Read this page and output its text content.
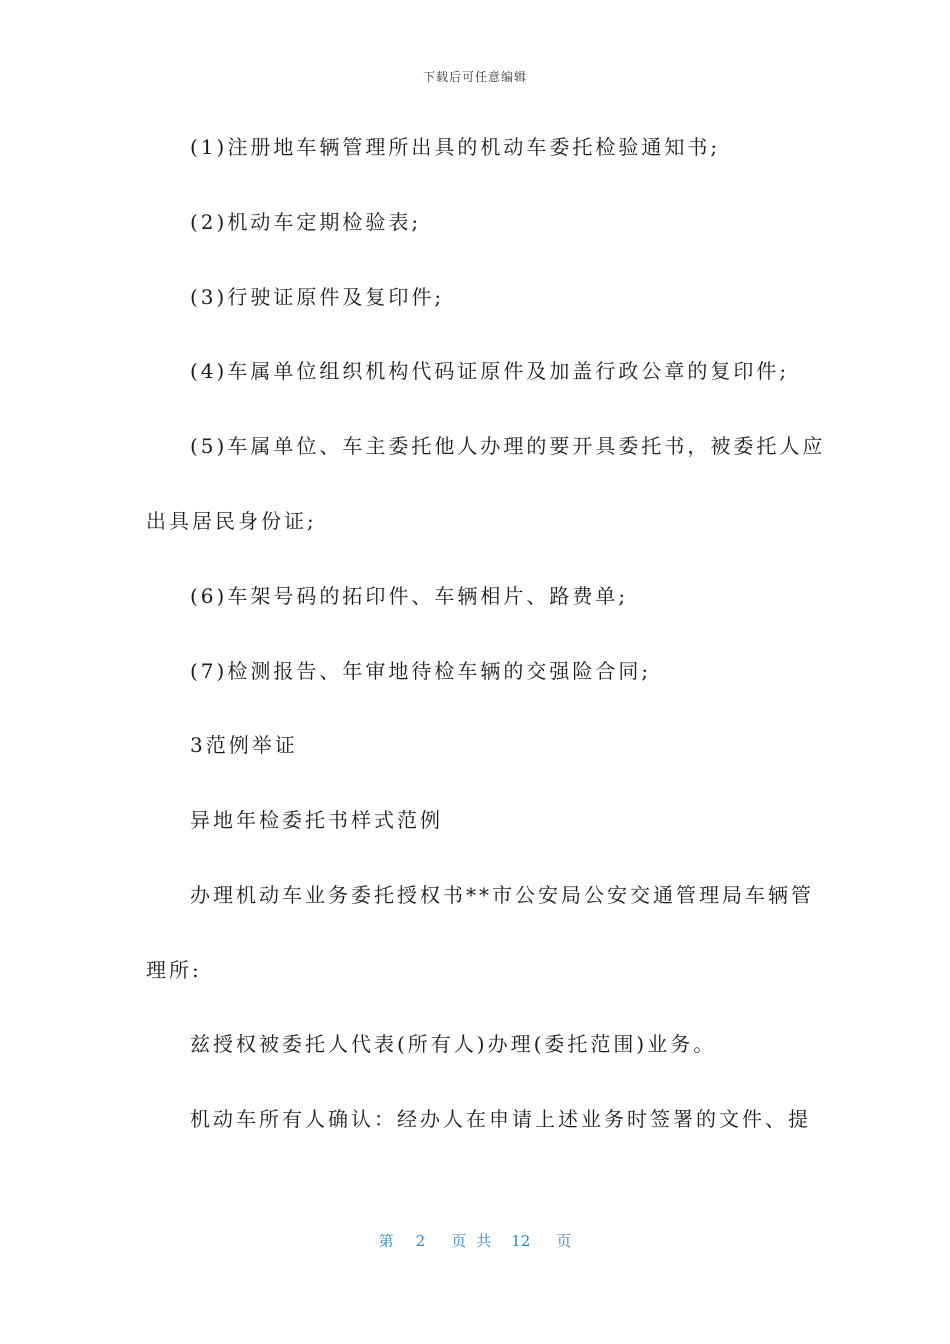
下载后可任意编辑
(1)注册地车辆管理所出具的机动车委托检验通知书;
(2)机动车定期检验表;
(3)行驶证原件及复印件;
(4)车属单位组织机构代码证原件及加盖行政公章的复印件;
(5)车属单位、车主委托他人办理的要开具委托书，被委托人应
出具居民身份证;
(6)车架号码的拓印件、车辆相片、路费单;
(7)检测报告、年审地待检车辆的交强险合同;
3范例举证
异地年检委托书样式范例
办理机动车业务委托授权书**市公安局公安交通管理局车辆管
理所:
兹授权被委托人代表(所有人)办理(委托范围)业务。
机动车所有人确认：经办人在申请上述业务时签署的文件、提
第 2 页共 12 页
